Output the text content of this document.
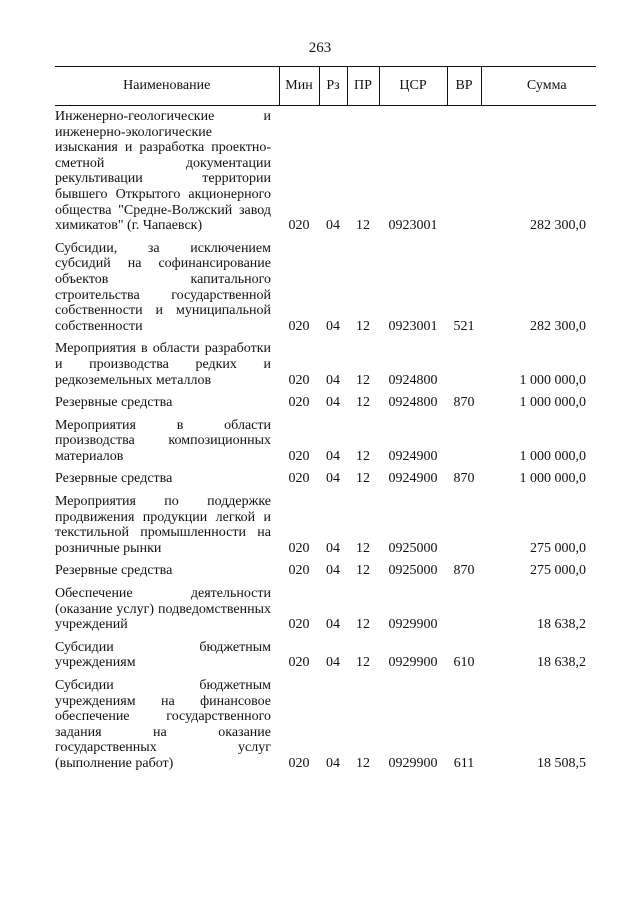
263
Наименование	Мин	Рз	ПР	ЦСР	ВР	Сумма
Инженерно-геологические и инженерно-экологические изыскания и разработка проектно-сметной документации рекультивации территории бывшего Открытого акционерного общества "Средне-Волжский завод химикатов" (г. Чапаевск)	020	04	12	0923001		282 300,0
Субсидии, за исключением субсидий на софинансирование объектов капитального строительства государственной собственности и муниципальной собственности	020	04	12	0923001	521	282 300,0
Мероприятия в области разработки и производства редких и редкоземельных металлов	020	04	12	0924800		1 000 000,0
Резервные средства	020	04	12	0924800	870	1 000 000,0
Мероприятия в области производства композиционных материалов	020	04	12	0924900		1 000 000,0
Резервные средства	020	04	12	0924900	870	1 000 000,0
Мероприятия по поддержке продвижения продукции легкой и текстильной промышленности на розничные рынки	020	04	12	0925000		275 000,0
Резервные средства	020	04	12	0925000	870	275 000,0
Обеспечение деятельности (оказание услуг) подведомственных учреждений	020	04	12	0929900		18 638,2
Субсидии бюджетным учреждениям	020	04	12	0929900	610	18 638,2
Субсидии бюджетным учреждениям на финансовое обеспечение государственного задания на оказание государственных услуг (выполнение работ)	020	04	12	0929900	611	18 508,5
